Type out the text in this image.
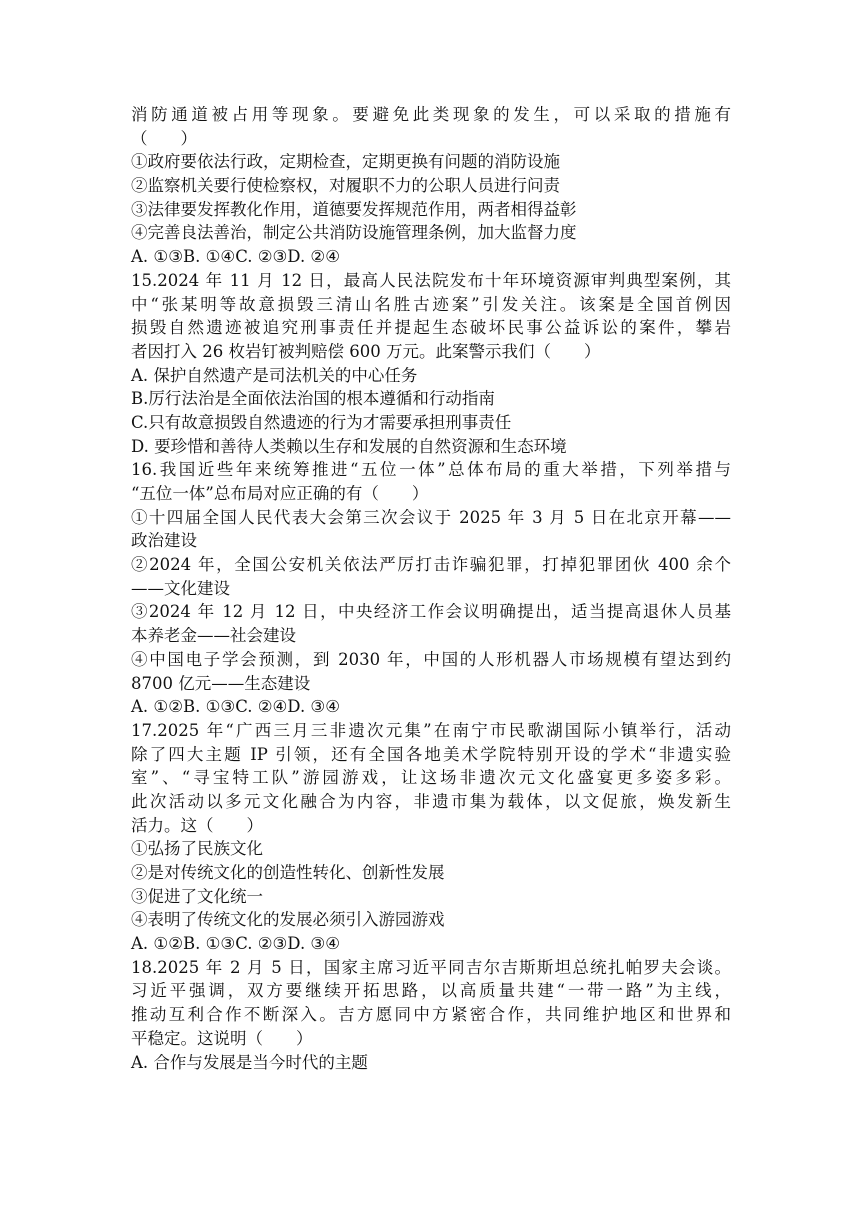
消防通道被占用等现象。要避免此类现象的发生，可以采取的措施有
（　　）
①政府要依法行政，定期检查，定期更换有问题的消防设施
②监察机关要行使检察权，对履职不力的公职人员进行问责
③法律要发挥教化作用，道德要发挥规范作用，两者相得益彰
④完善良法善治，制定公共消防设施管理条例，加大监督力度
A. ①③B. ①④C. ②③D. ②④
15.2024 年 11 月 12 日，最高人民法院发布十年环境资源审判典型案例，其
中“张某明等故意损毁三清山名胜古迹案”引发关注。该案是全国首例因
损毁自然遗迹被追究刑事责任并提起生态破坏民事公益诉讼的案件，攀岩
者因打入 26 枚岩钉被判赔偿 600 万元。此案警示我们（　　）
A. 保护自然遗产是司法机关的中心任务
B.厉行法治是全面依法治国的根本遵循和行动指南
C.只有故意损毁自然遗迹的行为才需要承担刑事责任
D. 要珍惜和善待人类赖以生存和发展的自然资源和生态环境
16.我国近些年来统筹推进“五位一体”总体布局的重大举措，下列举措与
“五位一体”总布局对应正确的有（　　）
①十四届全国人民代表大会第三次会议于 2025 年 3 月 5 日在北京开幕——
政治建设
②2024 年，全国公安机关依法严厉打击诈骗犯罪，打掉犯罪团伙 400 余个
——文化建设
③2024 年 12 月 12 日，中央经济工作会议明确提出，适当提高退休人员基
本养老金——社会建设
④中国电子学会预测，到 2030 年，中国的人形机器人市场规模有望达到约
8700 亿元——生态建设
A. ①②B. ①③C. ②④D. ③④
17.2025 年“广西三月三非遗次元集”在南宁市民歌湖国际小镇举行，活动
除了四大主题 IP 引领，还有全国各地美术学院特别开设的学术“非遗实验
室”、“寻宝特工队”游园游戏，让这场非遗次元文化盛宴更多姿多彩。
此次活动以多元文化融合为内容，非遗市集为载体，以文促旅，焕发新生
活力。这（　　）
①弘扬了民族文化
②是对传统文化的创造性转化、创新性发展
③促进了文化统一
④表明了传统文化的发展必须引入游园游戏
A. ①②B. ①③C. ②③D. ③④
18.2025 年 2 月 5 日，国家主席习近平同吉尔吉斯斯坦总统扎帕罗夫会谈。
习近平强调，双方要继续开拓思路，以高质量共建“一带一路”为主线，
推动互利合作不断深入。吉方愿同中方紧密合作，共同维护地区和世界和
平稳定。这说明（　　）
A. 合作与发展是当今时代的主题
